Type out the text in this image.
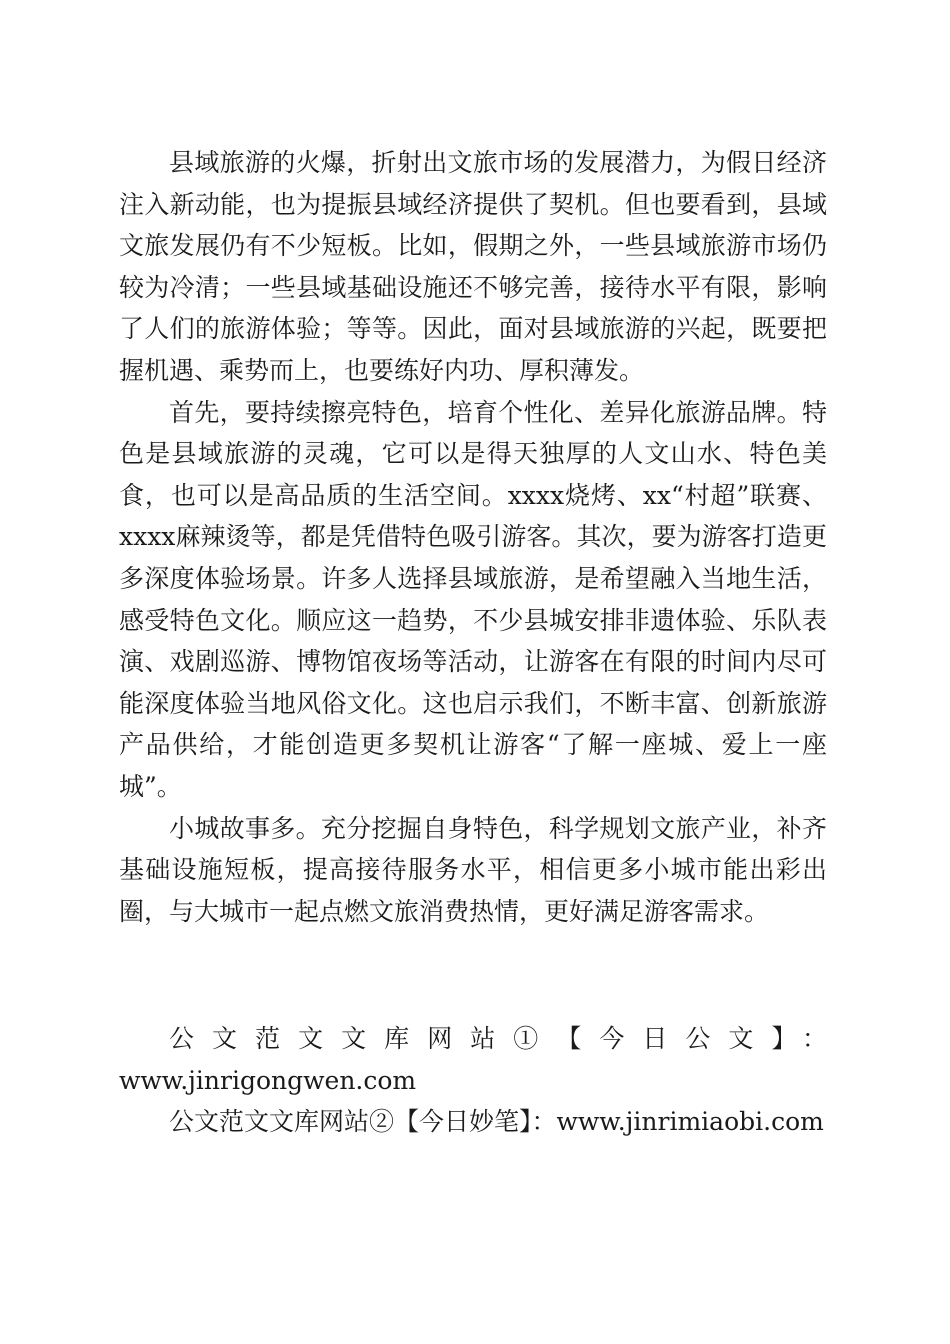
县域旅游的火爆，折射出文旅市场的发展潜力，为假日经济注入新动能，也为提振县域经济提供了契机。但也要看到，县域文旅发展仍有不少短板。比如，假期之外，一些县域旅游市场仍较为冷清；一些县域基础设施还不够完善，接待水平有限，影响了人们的旅游体验；等等。因此，面对县域旅游的兴起，既要把握机遇、乘势而上，也要练好内功、厚积薄发。

首先，要持续擦亮特色，培育个性化、差异化旅游品牌。特色是县域旅游的灵魂，它可以是得天独厚的人文山水、特色美食，也可以是高品质的生活空间。xxxx烧烤、xx“村超”联赛、xxxx麻辣烫等，都是凭借特色吸引游客。其次，要为游客打造更多深度体验场景。许多人选择县域旅游，是希望融入当地生活，感受特色文化。顺应这一趋势，不少县城安排非遗体验、乐队表演、戏剧巡游、博物馆夜场等活动，让游客在有限的时间内尽可能深度体验当地风俗文化。这也启示我们，不断丰富、创新旅游产品供给，才能创造更多契机让游客“了解一座城、爱上一座城”。

小城故事多。充分挖掘自身特色，科学规划文旅产业，补齐基础设施短板，提高接待服务水平，相信更多小城市能出彩出圈，与大城市一起点燃文旅消费热情，更好满足游客需求。

公文范文文库网站①【今日公文】：

www.jinrigongwen.com

公文范文文库网站②【今日妙笔】：www.jinrimiaobi.com
